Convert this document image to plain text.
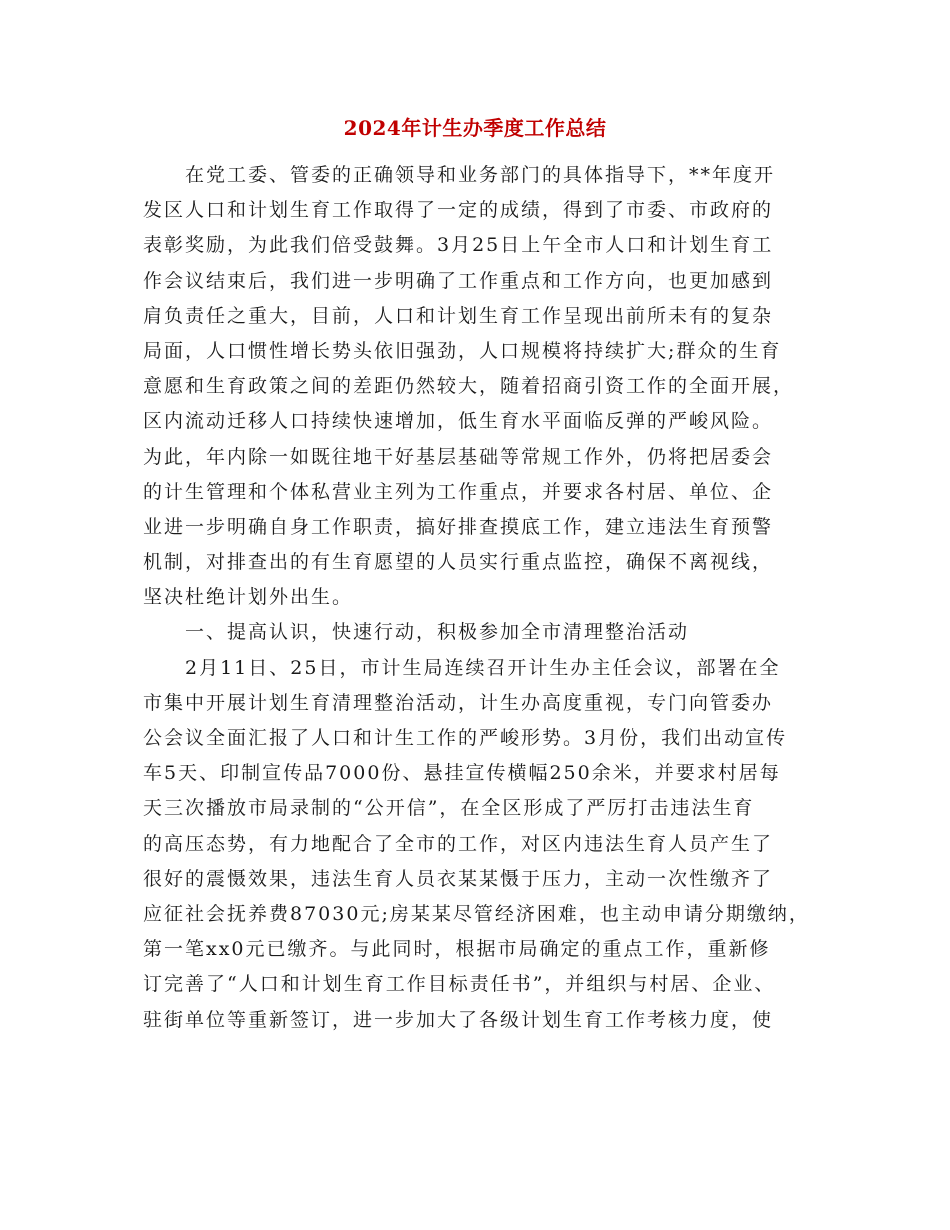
2024年计生办季度工作总结
在党工委、管委的正确领导和业务部门的具体指导下，**年度开
发区人口和计划生育工作取得了一定的成绩，得到了市委、市政府的
表彰奖励，为此我们倍受鼓舞。3月25日上午全市人口和计划生育工
作会议结束后，我们进一步明确了工作重点和工作方向，也更加感到
肩负责任之重大，目前，人口和计划生育工作呈现出前所未有的复杂
局面，人口惯性增长势头依旧强劲，人口规模将持续扩大;群众的生育
意愿和生育政策之间的差距仍然较大，随着招商引资工作的全面开展，
区内流动迁移人口持续快速增加，低生育水平面临反弹的严峻风险。
为此，年内除一如既往地干好基层基础等常规工作外，仍将把居委会
的计生管理和个体私营业主列为工作重点，并要求各村居、单位、企
业进一步明确自身工作职责，搞好排查摸底工作，建立违法生育预警
机制，对排查出的有生育愿望的人员实行重点监控，确保不离视线，
坚决杜绝计划外出生。
一、提高认识，快速行动，积极参加全市清理整治活动
2月11日、25日，市计生局连续召开计生办主任会议，部署在全
市集中开展计划生育清理整治活动，计生办高度重视，专门向管委办
公会议全面汇报了人口和计生工作的严峻形势。3月份，我们出动宣传
车5天、印制宣传品7000份、悬挂宣传横幅250余米，并要求村居每
天三次播放市局录制的“公开信”，在全区形成了严厉打击违法生育
的高压态势，有力地配合了全市的工作，对区内违法生育人员产生了
很好的震慑效果，违法生育人员衣某某慑于压力，主动一次性缴齐了
应征社会抚养费87030元;房某某尽管经济困难，也主动申请分期缴纳，
第一笔xx0元已缴齐。与此同时，根据市局确定的重点工作，重新修
订完善了“人口和计划生育工作目标责任书”，并组织与村居、企业、
驻街单位等重新签订，进一步加大了各级计划生育工作考核力度，使
